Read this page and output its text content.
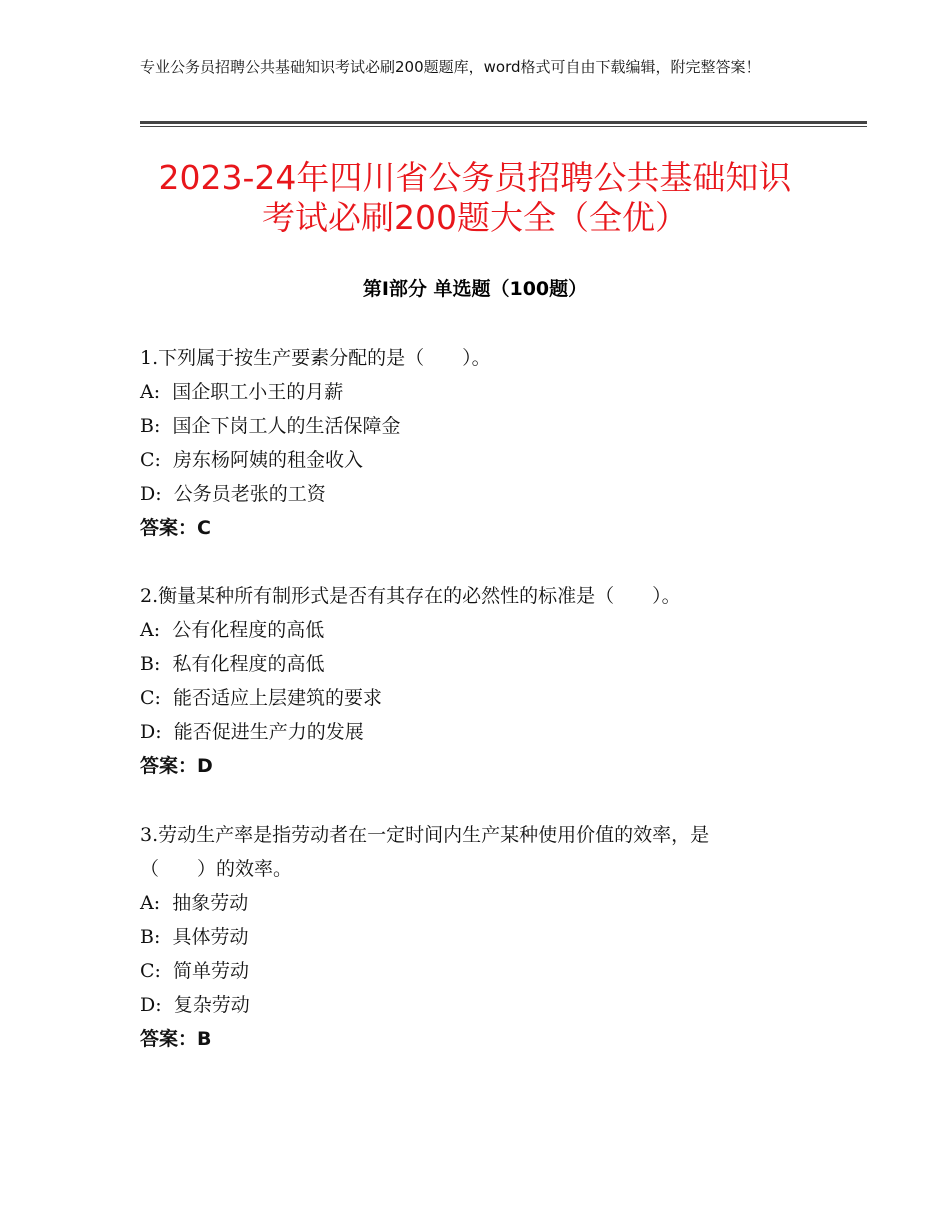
专业公务员招聘公共基础知识考试必刷200题题库，word格式可自由下载编辑，附完整答案！
2023-24年四川省公务员招聘公共基础知识
考试必刷200题大全（全优）
第Ⅰ部分 单选题（100题）
1.下列属于按生产要素分配的是（　　）。
A:  国企职工小王的月薪
B:  国企下岗工人的生活保障金
C:  房东杨阿姨的租金收入
D:  公务员老张的工资
答案：C
2.衡量某种所有制形式是否有其存在的必然性的标准是（　　）。
A:  公有化程度的高低
B:  私有化程度的高低
C:  能否适应上层建筑的要求
D:  能否促进生产力的发展
答案：D
3.劳动生产率是指劳动者在一定时间内生产某种使用价值的效率，是
（　　）的效率。
A:  抽象劳动
B:  具体劳动
C:  简单劳动
D:  复杂劳动
答案：B
